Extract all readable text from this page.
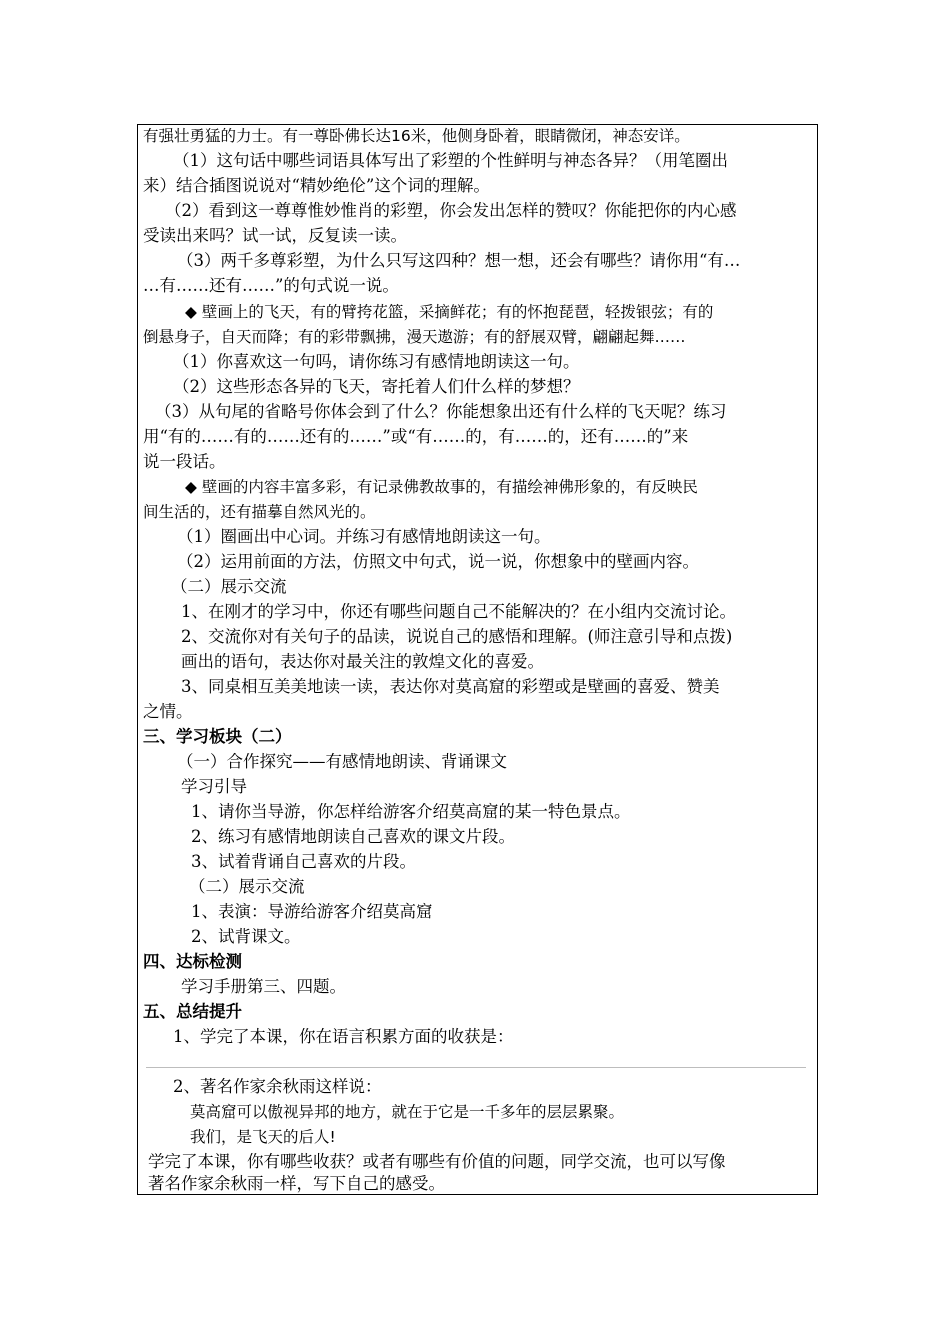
有强壮勇猛的力士。有一尊卧佛长达16米，他侧身卧着，眼睛微闭，神态安详。
（1）这句话中哪些词语具体写出了彩塑的个性鲜明与神态各异？（用笔圈出
来）结合插图说说对“精妙绝伦”这个词的理解。
（2）看到这一尊尊惟妙惟肖的彩塑，你会发出怎样的赞叹？你能把你的内心感
受读出来吗？试一试，反复读一读。
（3）两千多尊彩塑，为什么只写这四种？想一想，还会有哪些？请你用“有…
…有……还有……”的句式说一说。
◆ 壁画上的飞天，有的臂挎花篮，采摘鲜花；有的怀抱琵琶，轻拨银弦；有的
倒悬身子，自天而降；有的彩带飘拂，漫天遨游；有的舒展双臂，翩翩起舞……
（1）你喜欢这一句吗，请你练习有感情地朗读这一句。
（2）这些形态各异的飞天，寄托着人们什么样的梦想？
（3）从句尾的省略号你体会到了什么？你能想象出还有什么样的飞天呢？练习
用“有的……有的……还有的……”或“有……的，有……的，还有……的”来
说一段话。
◆ 壁画的内容丰富多彩，有记录佛教故事的，有描绘神佛形象的，有反映民
间生活的，还有描摹自然风光的。
（1）圈画出中心词。并练习有感情地朗读这一句。
（2）运用前面的方法，仿照文中句式，说一说，你想象中的壁画内容。
（二）展示交流
1、在刚才的学习中，你还有哪些问题自己不能解决的？在小组内交流讨论。
2、交流你对有关句子的品读，说说自己的感悟和理解。(师注意引导和点拨)
画出的语句，表达你对最关注的敦煌文化的喜爱。
3、同桌相互美美地读一读，表达你对莫高窟的彩塑或是壁画的喜爱、赞美
之情。
三、学习板块（二）
（一）合作探究——有感情地朗读、背诵课文
学习引导
1、请你当导游，你怎样给游客介绍莫高窟的某一特色景点。
2、练习有感情地朗读自己喜欢的课文片段。
3、试着背诵自己喜欢的片段。
（二）展示交流
1、表演：导游给游客介绍莫高窟
2、试背课文。
四、达标检测
学习手册第三、四题。
五、总结提升
1、学完了本课，你在语言积累方面的收获是：
2、著名作家余秋雨这样说：
莫高窟可以傲视异邦的地方，就在于它是一千多年的层层累聚。
我们，是飞天的后人!
学完了本课，你有哪些收获？或者有哪些有价值的问题，同学交流，也可以写像
著名作家余秋雨一样，写下自己的感受。
